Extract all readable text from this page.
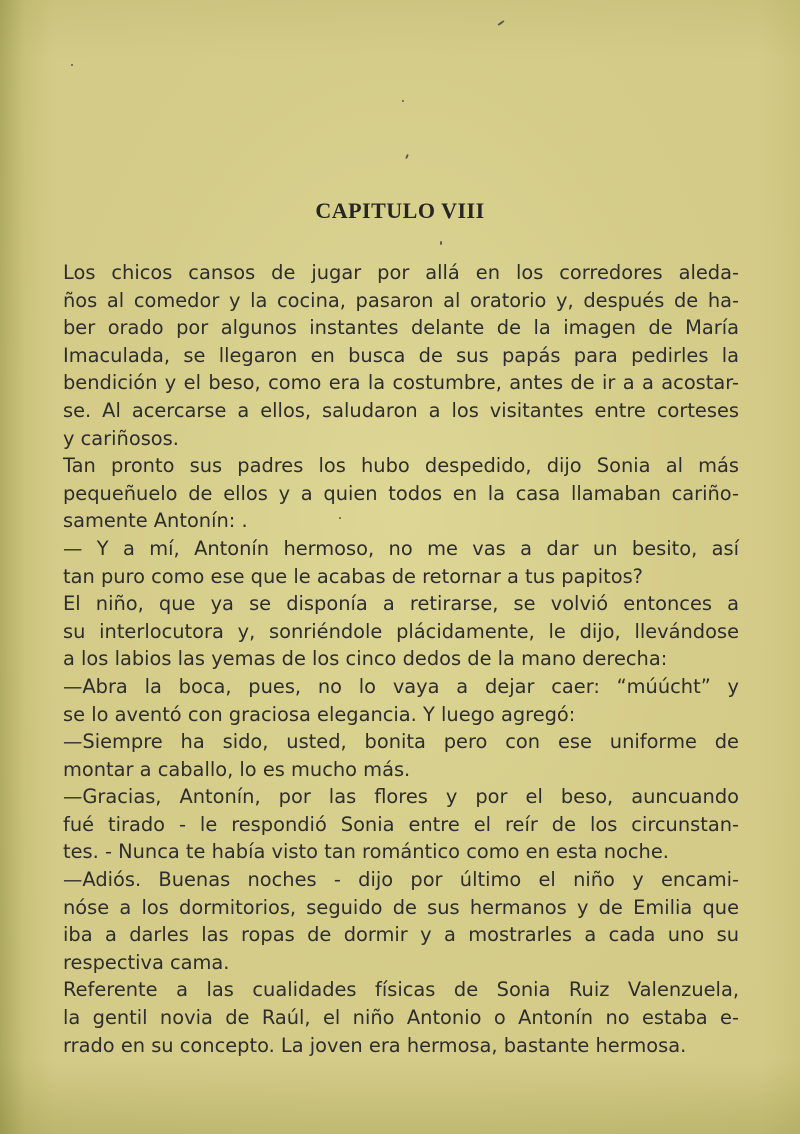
CAPITULO VIII

Los chicos cansos de jugar por allá en los corredores aleda-

ños al comedor y la cocina, pasaron al oratorio y, después de ha-

ber orado por algunos instantes delante de la imagen de María

Imaculada, se llegaron en busca de sus papás para pedirles la

bendición y el beso, como era la costumbre, antes de ir a a acostar-

se. Al acercarse a ellos, saludaron a los visitantes entre corteses

y cariñosos.

Tan pronto sus padres los hubo despedido, dijo Sonia al más

pequeñuelo de ellos y a quien todos en la casa llamaban cariño-

samente Antonín: .

— Y a mí, Antonín hermoso, no me vas a dar un besito, así

tan puro como ese que le acabas de retornar a tus papitos?

El niño, que ya se disponía a retirarse, se volvió entonces a

su interlocutora y, sonriéndole plácidamente, le dijo, llevándose

a los labios las yemas de los cinco dedos de la mano derecha:

—Abra la boca, pues, no lo vaya a dejar caer: “múúcht” y

se lo aventó con graciosa elegancia. Y luego agregó:

—Siempre ha sido, usted, bonita pero con ese uniforme de

montar a caballo, lo es mucho más.

—Gracias, Antonín, por las flores y por el beso, auncuando

fué tirado - le respondió Sonia entre el reír de los circunstan-

tes. - Nunca te había visto tan romántico como en esta noche.

—Adiós. Buenas noches - dijo por último el niño y encami-

nóse a los dormitorios, seguido de sus hermanos y de Emilia que

iba a darles las ropas de dormir y a mostrarles a cada uno su

respectiva cama.

Referente a las cualidades físicas de Sonia Ruiz Valenzuela,

la gentil novia de Raúl, el niño Antonio o Antonín no estaba e-

rrado en su concepto. La joven era hermosa, bastante hermosa.
